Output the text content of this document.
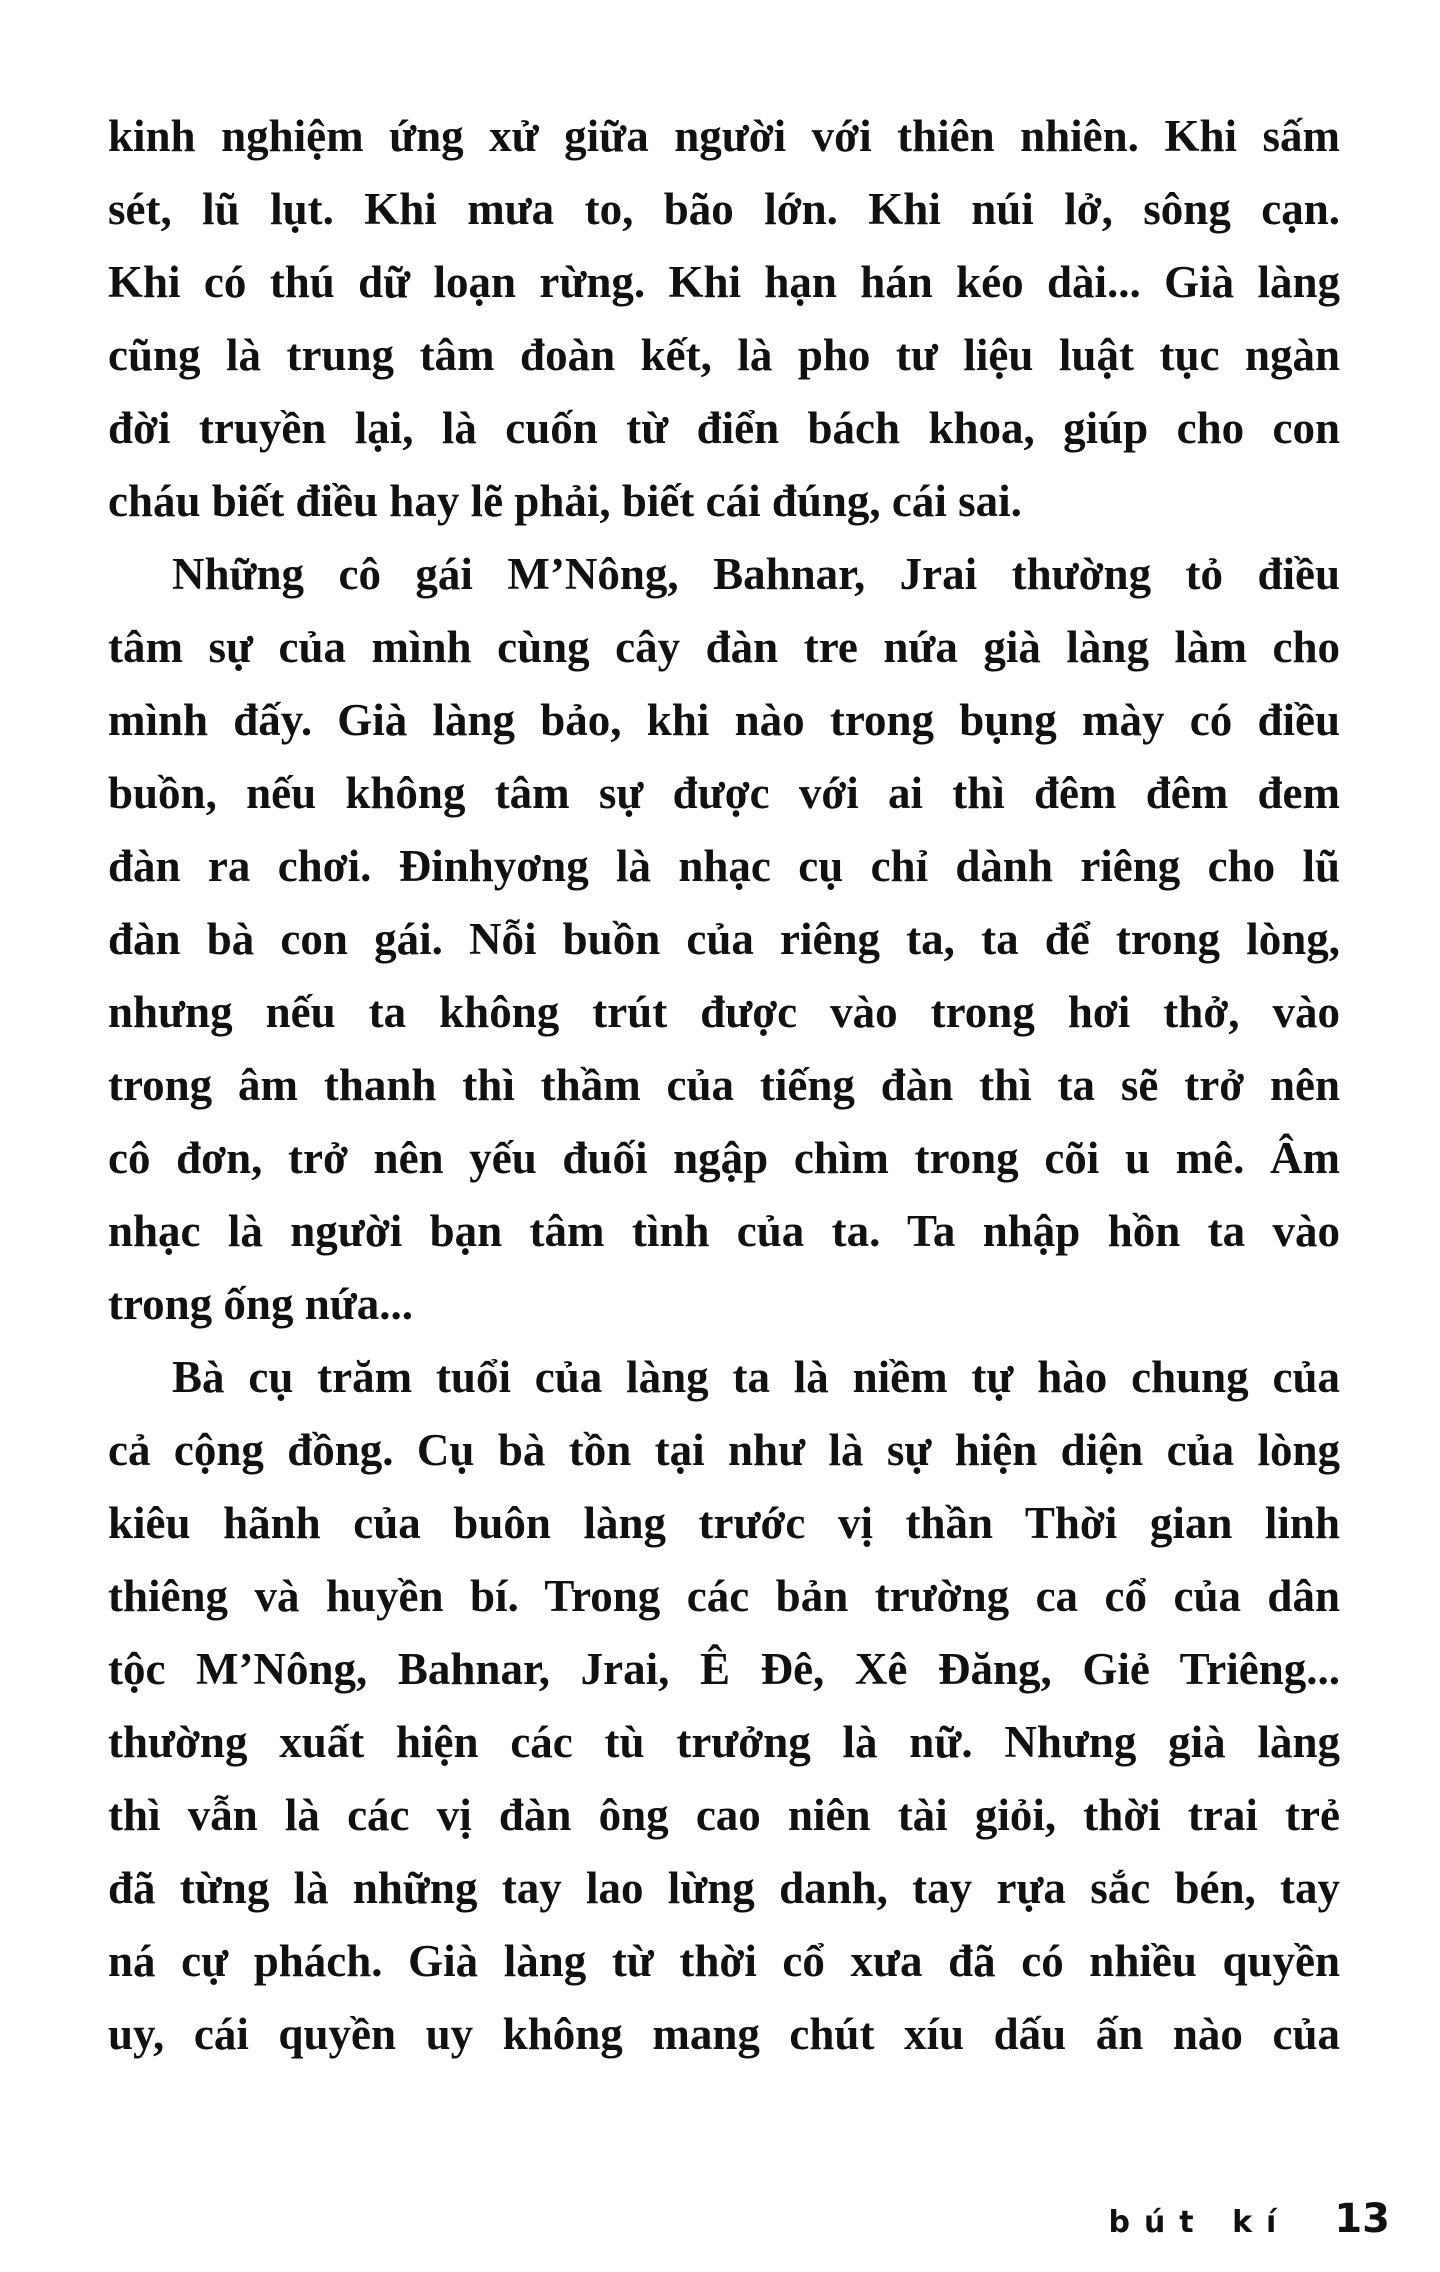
kinh nghiệm ứng xử giữa người với thiên nhiên. Khi sấm
sét, lũ lụt. Khi mưa to, bão lớn. Khi núi lở, sông cạn.
Khi có thú dữ loạn rừng. Khi hạn hán kéo dài... Già làng
cũng là trung tâm đoàn kết, là pho tư liệu luật tục ngàn
đời truyền lại, là cuốn từ điển bách khoa, giúp cho con
cháu biết điều hay lẽ phải, biết cái đúng, cái sai.
Những cô gái M’Nông, Bahnar, Jrai thường tỏ điều
tâm sự của mình cùng cây đàn tre nứa già làng làm cho
mình đấy. Già làng bảo, khi nào trong bụng mày có điều
buồn, nếu không tâm sự được với ai thì đêm đêm đem
đàn ra chơi. Đinhyơng là nhạc cụ chỉ dành riêng cho lũ
đàn bà con gái. Nỗi buồn của riêng ta, ta để trong lòng,
nhưng nếu ta không trút được vào trong hơi thở, vào
trong âm thanh thì thầm của tiếng đàn thì ta sẽ trở nên
cô đơn, trở nên yếu đuối ngập chìm trong cõi u mê. Âm
nhạc là người bạn tâm tình của ta. Ta nhập hồn ta vào
trong ống nứa...
Bà cụ trăm tuổi của làng ta là niềm tự hào chung của
cả cộng đồng. Cụ bà tồn tại như là sự hiện diện của lòng
kiêu hãnh của buôn làng trước vị thần Thời gian linh
thiêng và huyền bí. Trong các bản trường ca cổ của dân
tộc M’Nông, Bahnar, Jrai, Ê Đê, Xê Đăng, Giẻ Triêng...
thường xuất hiện các tù trưởng là nữ. Nhưng già làng
thì vẫn là các vị đàn ông cao niên tài giỏi, thời trai trẻ
đã từng là những tay lao lừng danh, tay rựa sắc bén, tay
ná cự phách. Già làng từ thời cổ xưa đã có nhiều quyền
uy, cái quyền uy không mang chút xíu dấu ấn nào của
bút kí 13
